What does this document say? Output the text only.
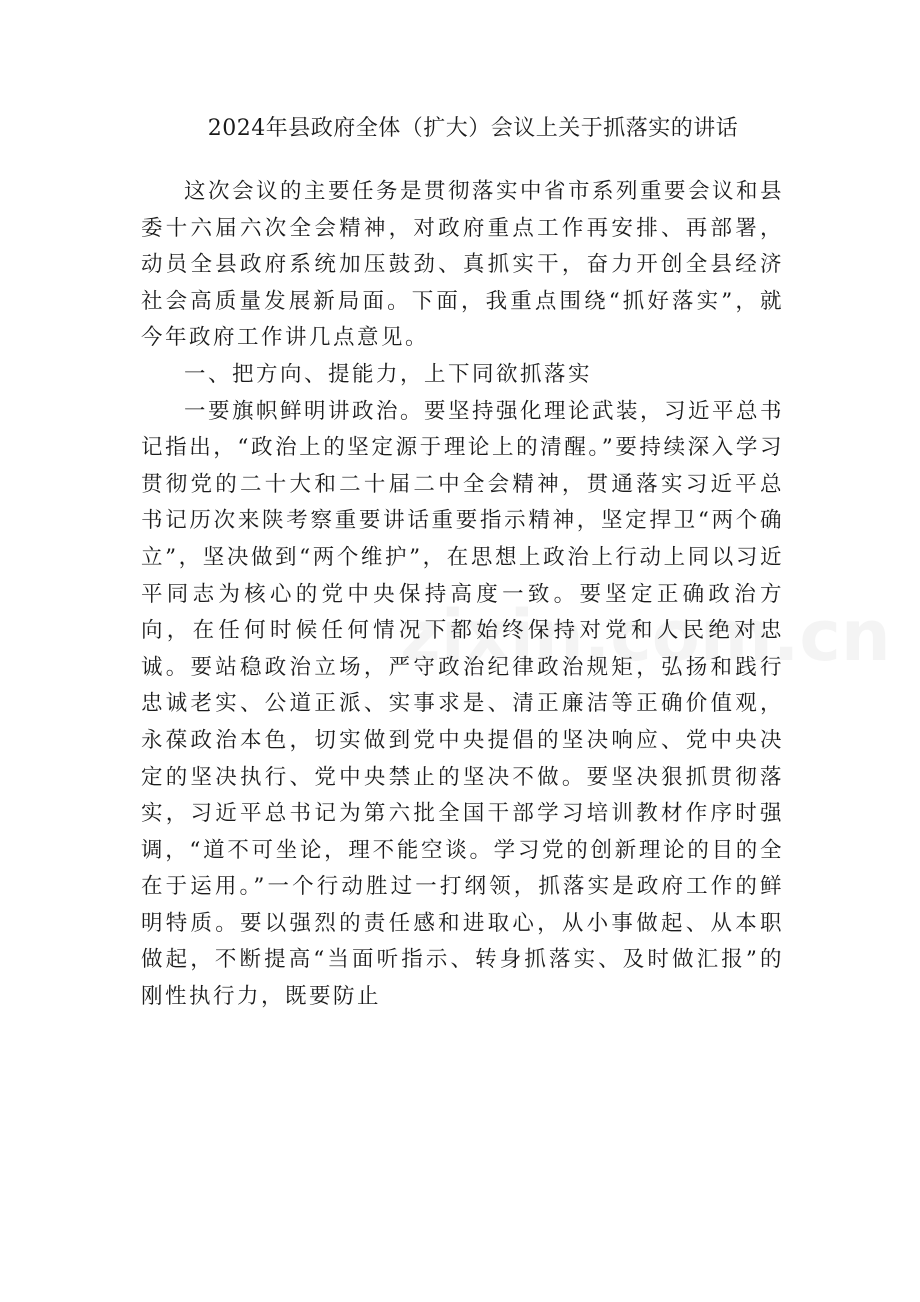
2024年县政府全体（扩大）会议上关于抓落实的讲话

这次会议的主要任务是贯彻落实中省市系列重要会议和县委十六届六次全会精神，对政府重点工作再安排、再部署，动员全县政府系统加压鼓劲、真抓实干，奋力开创全县经济社会高质量发展新局面。下面，我重点围绕“抓好落实”，就今年政府工作讲几点意见。

一、把方向、提能力，上下同欲抓落实

一要旗帜鲜明讲政治。要坚持强化理论武装，习近平总书记指出，“政治上的坚定源于理论上的清醒。”要持续深入学习贯彻党的二十大和二十届二中全会精神，贯通落实习近平总书记历次来陕考察重要讲话重要指示精神，坚定捍卫“两个确立”，坚决做到“两个维护”，在思想上政治上行动上同以习近平同志为核心的党中央保持高度一致。要坚定正确政治方向，在任何时候任何情况下都始终保持对党和人民绝对忠诚。要站稳政治立场，严守政治纪律政治规矩，弘扬和践行忠诚老实、公道正派、实事求是、清正廉洁等正确价值观，永葆政治本色，切实做到党中央提倡的坚决响应、党中央决定的坚决执行、党中央禁止的坚决不做。要坚决狠抓贯彻落实，习近平总书记为第六批全国干部学习培训教材作序时强调，“道不可坐论，理不能空谈。学习党的创新理论的目的全在于运用。”一个行动胜过一打纲领，抓落实是政府工作的鲜明特质。要以强烈的责任感和进取心，从小事做起、从本职做起，不断提高“当面听指示、转身抓落实、及时做汇报”的刚性执行力，既要防止
